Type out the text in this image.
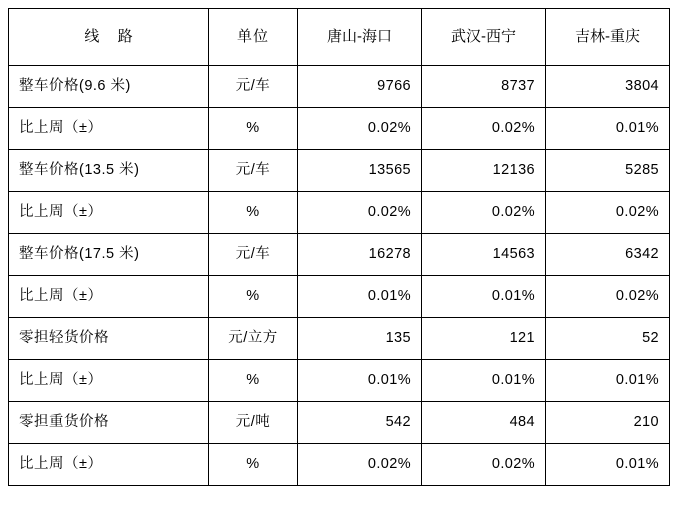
线 路	单位	唐山-海口	武汉-西宁	吉林-重庆
整车价格(9.6 米)	元/车	9766	8737	3804
比上周（±）	%	0.02%	0.02%	0.01%
整车价格(13.5 米)	元/车	13565	12136	5285
比上周（±）	%	0.02%	0.02%	0.02%
整车价格(17.5 米)	元/车	16278	14563	6342
比上周（±）	%	0.01%	0.01%	0.02%
零担轻货价格	元/立方	135	121	52
比上周（±）	%	0.01%	0.01%	0.01%
零担重货价格	元/吨	542	484	210
比上周（±）	%	0.02%	0.02%	0.01%
